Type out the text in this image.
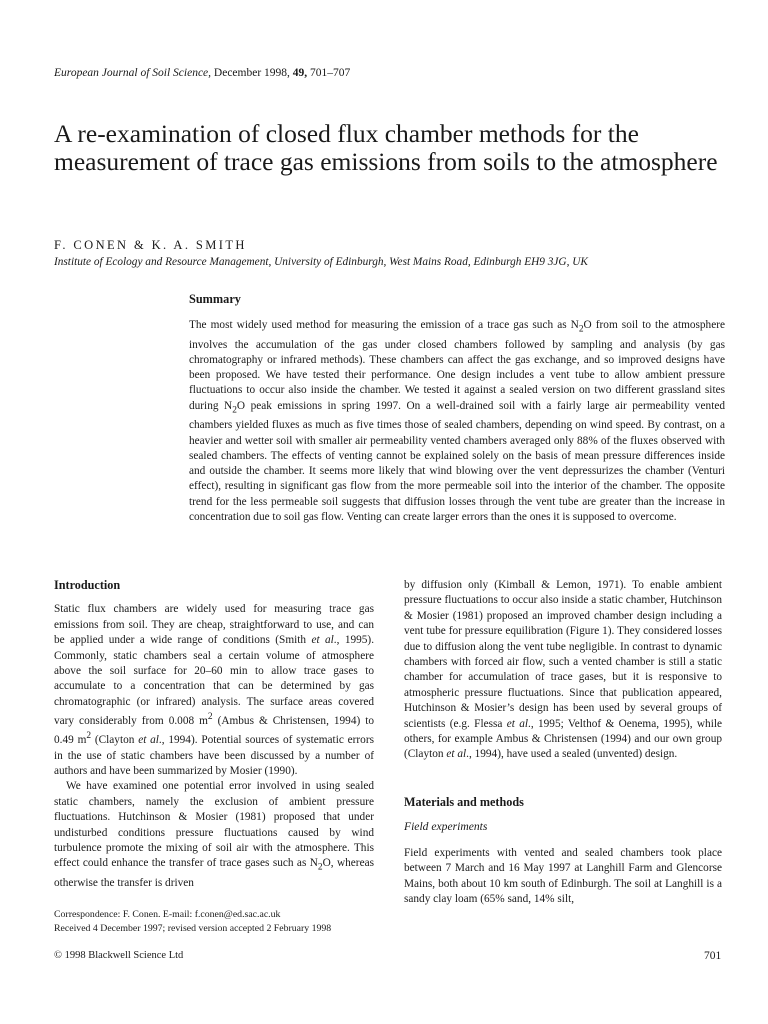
European Journal of Soil Science, December 1998, 49, 701–707
A re-examination of closed flux chamber methods for the measurement of trace gas emissions from soils to the atmosphere
F. CONEN & K. A. SMITH
Institute of Ecology and Resource Management, University of Edinburgh, West Mains Road, Edinburgh EH9 3JG, UK
Summary

The most widely used method for measuring the emission of a trace gas such as $N_2O$ from soil to the atmosphere involves the accumulation of the gas under closed chambers followed by sampling and analysis (by gas chromatography or infrared methods). These chambers can affect the gas exchange, and so improved designs have been proposed. We have tested their performance. One design includes a vent tube to allow ambient pressure fluctuations to occur also inside the chamber. We tested it against a sealed version on two different grassland sites during $N_2O$ peak emissions in spring 1997. On a well-drained soil with a fairly large air permeability vented chambers yielded fluxes as much as five times those of sealed chambers, depending on wind speed. By contrast, on a heavier and wetter soil with smaller air permeability vented chambers averaged only 88% of the fluxes observed with sealed chambers. The effects of venting cannot be explained solely on the basis of mean pressure differences inside and outside the chamber. It seems more likely that wind blowing over the vent depressurizes the chamber (Venturi effect), resulting in significant gas flow from the more permeable soil into the interior of the chamber. The opposite trend for the less permeable soil suggests that diffusion losses through the vent tube are greater than the increase in concentration due to soil gas flow. Venting can create larger errors than the ones it is supposed to overcome.

Introduction

Static flux chambers are widely used for measuring trace gas emissions from soil. They are cheap, straightforward to use, and can be applied under a wide range of conditions (Smith et al., 1995). Commonly, static chambers seal a certain volume of atmosphere above the soil surface for 20–60 min to allow trace gases to accumulate to a concentration that can be determined by gas chromatographic (or infrared) analysis. The surface areas covered vary considerably from 0.008 $m^2$ (Ambus & Christensen, 1994) to 0.49 $m^2$ (Clayton et al., 1994). Potential sources of systematic errors in the use of static chambers have been discussed by a number of authors and have been summarized by Mosier (1990).

We have examined one potential error involved in using sealed static chambers, namely the exclusion of ambient pressure fluctuations. Hutchinson & Mosier (1981) proposed that under undisturbed conditions pressure fluctuations caused by wind turbulence promote the mixing of soil air with the atmosphere. This effect could enhance the transfer of trace gases such as $N_2O$, whereas otherwise the transfer is driven

by diffusion only (Kimball & Lemon, 1971). To enable ambient pressure fluctuations to occur also inside a static chamber, Hutchinson & Mosier (1981) proposed an improved chamber design including a vent tube for pressure equilibration (Figure 1). They considered losses due to diffusion along the vent tube negligible. In contrast to dynamic chambers with forced air flow, such a vented chamber is still a static chamber for accumulation of trace gases, but it is responsive to atmospheric pressure fluctuations. Since that publication appeared, Hutchinson & Mosier’s design has been used by several groups of scientists (e.g. Flessa et al., 1995; Velthof & Oenema, 1995), while others, for example Ambus & Christensen (1994) and our own group (Clayton et al., 1994), have used a sealed (unvented) design.

Materials and methods
Field experiments

Field experiments with vented and sealed chambers took place between 7 March and 16 May 1997 at Langhill Farm and Glencorse Mains, both about 10 km south of Edinburgh. The soil at Langhill is a sandy clay loam (65% sand, 14% silt,

Correspondence: F. Conen. E-mail: f.conen@ed.sac.ac.uk
Received 4 December 1997; revised version accepted 2 February 1998
© 1998 Blackwell Science Ltd	701
